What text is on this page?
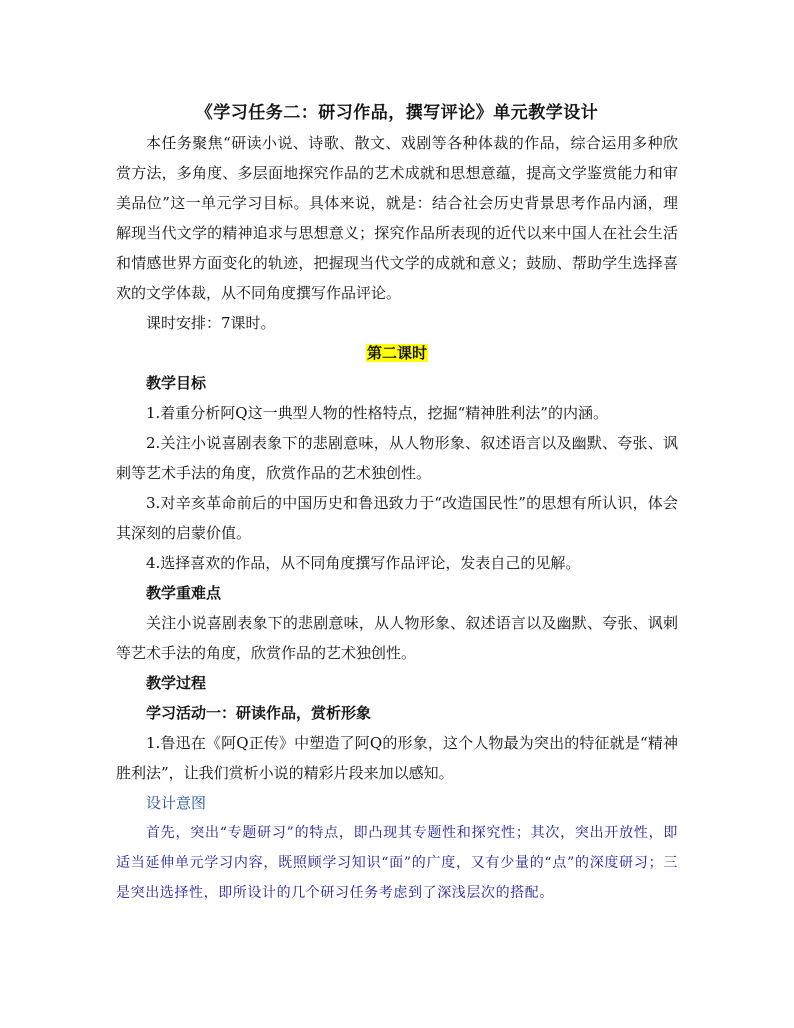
《学习任务二：研习作品，撰写评论》单元教学设计

本任务聚焦“研读小说、诗歌、散文、戏剧等各种体裁的作品，综合运用多种欣赏方法，多角度、多层面地探究作品的艺术成就和思想意蕴，提高文学鉴赏能力和审美品位”这一单元学习目标。具体来说，就是：结合社会历史背景思考作品内涵，理解现当代文学的精神追求与思想意义；探究作品所表现的近代以来中国人在社会生活和情感世界方面变化的轨迹，把握现当代文学的成就和意义；鼓励、帮助学生选择喜欢的文学体裁，从不同角度撰写作品评论。

课时安排：7课时。

第二课时

教学目标

1.着重分析阿Q这一典型人物的性格特点，挖掘“精神胜利法”的内涵。

2.关注小说喜剧表象下的悲剧意味，从人物形象、叙述语言以及幽默、夸张、讽刺等艺术手法的角度，欣赏作品的艺术独创性。

3.对辛亥革命前后的中国历史和鲁迅致力于“改造国民性”的思想有所认识，体会其深刻的启蒙价值。

4.选择喜欢的作品，从不同角度撰写作品评论，发表自己的见解。

教学重难点

关注小说喜剧表象下的悲剧意味，从人物形象、叙述语言以及幽默、夸张、讽刺等艺术手法的角度，欣赏作品的艺术独创性。

教学过程

学习活动一：研读作品，赏析形象

1.鲁迅在《阿Q正传》中塑造了阿Q的形象，这个人物最为突出的特征就是“精神胜利法”，让我们赏析小说的精彩片段来加以感知。

设计意图

首先，突出“专题研习”的特点，即凸现其专题性和探究性；其次，突出开放性，即适当延伸单元学习内容，既照顾学习知识“面”的广度，又有少量的“点”的深度研习；三是突出选择性，即所设计的几个研习任务考虑到了深浅层次的搭配。
